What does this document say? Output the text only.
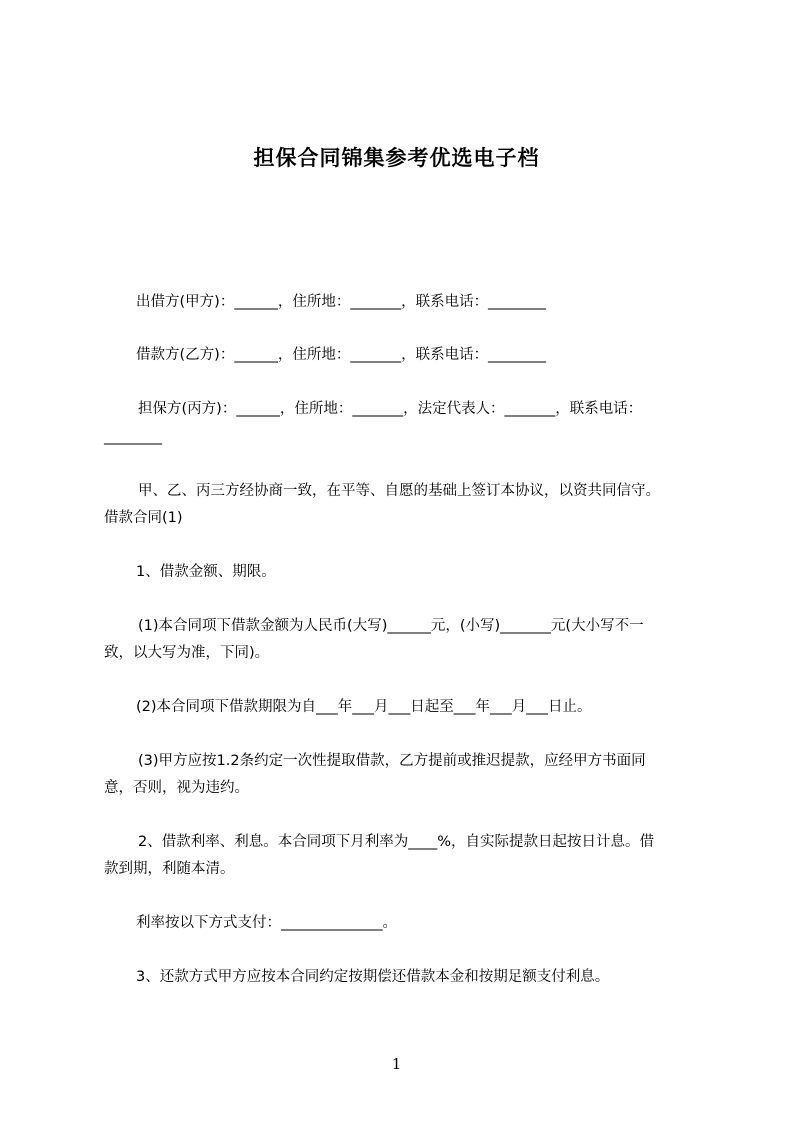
担保合同锦集参考优选电子档
出借方(甲方)：______，住所地：_______，联系电话：________
借款方(乙方)：______，住所地：_______，联系电话：________
担保方(丙方)：______，住所地：_______，法定代表人：_______，联系电话：
________
甲、乙、丙三方经协商一致，在平等、自愿的基础上签订本协议，以资共同信守。
借款合同(1)
1、借款金额、期限。
(1)本合同项下借款金额为人民币(大写)______元，(小写)_______元(大小写不一
致，以大写为准，下同)。
(2)本合同项下借款期限为自___年___月___日起至___年___月___日止。
(3)甲方应按1.2条约定一次性提取借款，乙方提前或推迟提款，应经甲方书面同
意，否则，视为违约。
2、借款利率、利息。本合同项下月利率为____%，自实际提款日起按日计息。借
款到期，利随本清。
利率按以下方式支付：______________。
3、还款方式甲方应按本合同约定按期偿还借款本金和按期足额支付利息。
1
